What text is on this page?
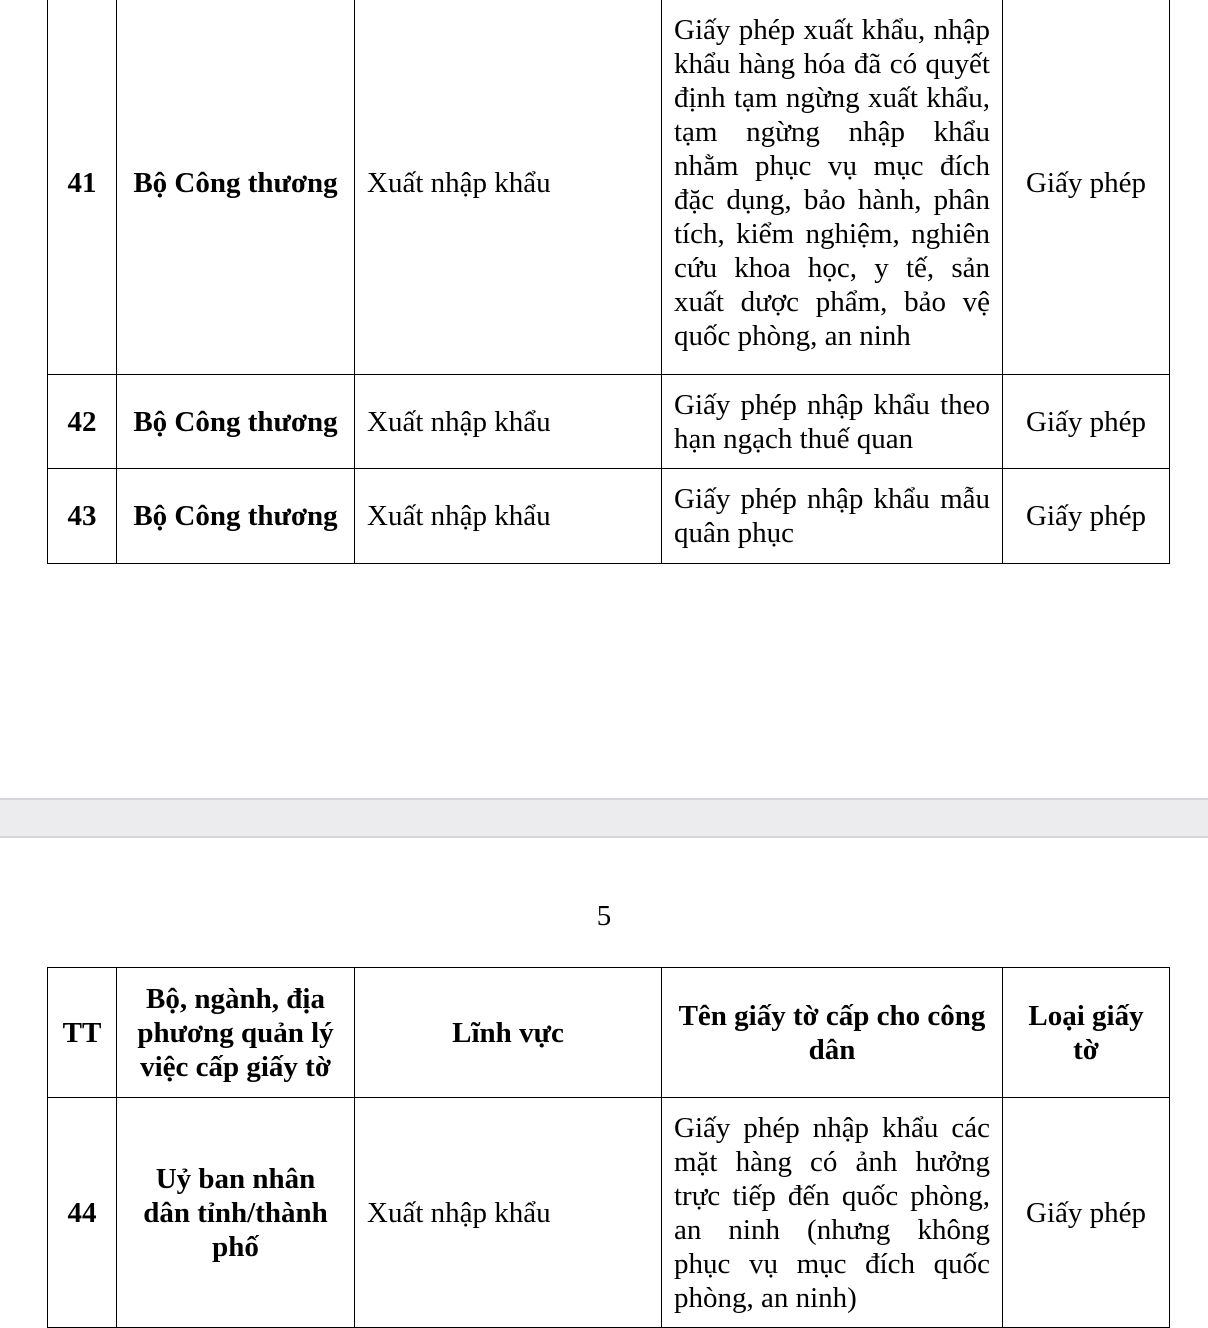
41	Bộ Công thương	Xuất nhập khẩu	Giấy phép xuất khẩu, nhập khẩu hàng hóa đã có quyết định tạm ngừng xuất khẩu, tạm ngừng nhập khẩu nhằm phục vụ mục đích đặc dụng, bảo hành, phân tích, kiểm nghiệm, nghiên cứu khoa học, y tế, sản xuất dược phẩm, bảo vệ quốc phòng, an ninh	Giấy phép
42	Bộ Công thương	Xuất nhập khẩu	Giấy phép nhập khẩu theo hạn ngạch thuế quan	Giấy phép
43	Bộ Công thương	Xuất nhập khẩu	Giấy phép nhập khẩu mẫu quân phục	Giấy phép
5
TT	Bộ, ngành, địa phương quản lý việc cấp giấy tờ	Lĩnh vực	Tên giấy tờ cấp cho công dân	Loại giấy tờ
44	Uỷ ban nhân dân tỉnh/thành phố	Xuất nhập khẩu	Giấy phép nhập khẩu các mặt hàng có ảnh hưởng trực tiếp đến quốc phòng, an ninh (nhưng không phục vụ mục đích quốc phòng, an ninh)	Giấy phép
